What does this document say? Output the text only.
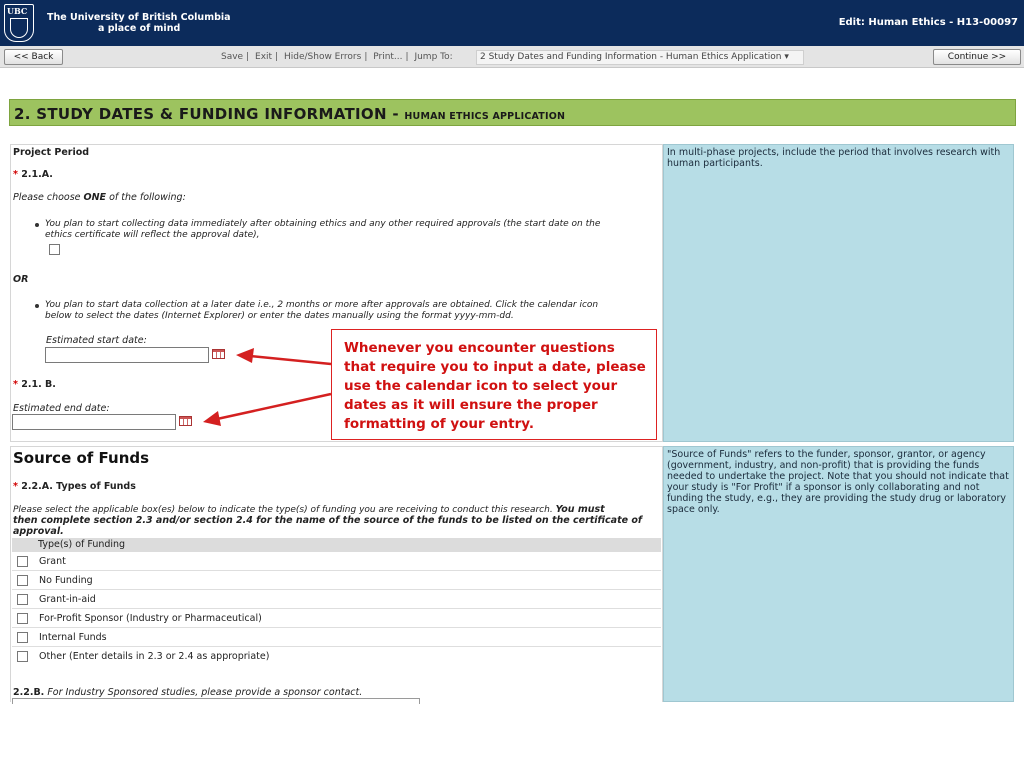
UBC
The University of British Columbia
a place of mind
Edit: Human Ethics - H13-00097
<< Back	Save | Exit | Hide/Show Errors | Print... | Jump To:	2 Study Dates and Funding Information - Human Ethics Application ▾	Continue >>
2. STUDY DATES & FUNDING INFORMATION - HUMAN ETHICS APPLICATION
Project Period
* 2.1.A.
Please choose ONE of the following:
You plan to start collecting data immediately after obtaining ethics and any other required approvals (the start date on the
ethics certificate will reflect the approval date),
OR
You plan to start data collection at a later date i.e., 2 months or more after approvals are obtained. Click the calendar icon
below to select the dates (Internet Explorer) or enter the dates manually using the format yyyy-mm-dd.
Estimated start date:
* 2.1. B.
Estimated end date:
In multi-phase projects, include the period that involves research with human participants.
Source of Funds
* 2.2.A. Types of Funds
Please select the applicable box(es) below to indicate the type(s) of funding you are receiving to conduct this research. You must
then complete section 2.3 and/or section 2.4 for the name of the source of the funds to be listed on the certificate of
approval.
Type(s) of Funding
Grant
No Funding
Grant-in-aid
For-Profit Sponsor (Industry or Pharmaceutical)
Internal Funds
Other (Enter details in 2.3 or 2.4 as appropriate)
2.2.B. For Industry Sponsored studies, please provide a sponsor contact.
"Source of Funds" refers to the funder, sponsor, grantor, or agency (government, industry, and non-profit) that is providing the funds needed to undertake the project. Note that you should not indicate that your study is "For Profit" if a sponsor is only collaborating and not funding the study, e.g., they are providing the study drug or laboratory space only.
Whenever you encounter questions that require you to input a date, please use the calendar icon to select your dates as it will ensure the proper formatting of your entry.
